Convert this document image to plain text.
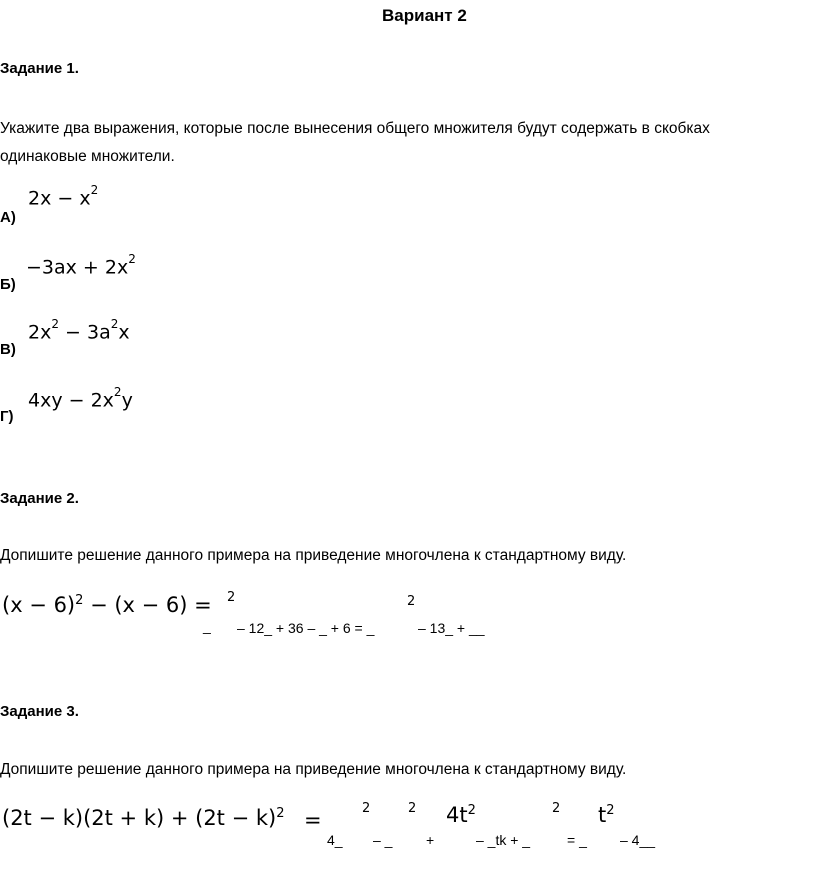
Вариант 2
Задание 1.
Укажите два выражения, которые после вынесения общего множителя будут содержать в скобках одинаковые множители.
$2x - x^2$
А)
$-3ax + 2x^2$
Б)
$2x^2 - 3a^2x$
В)
$4xy - 2x^2y$
Г)
Задание 2.
Допишите решение данного примера на приведение многочлена к стандартному виду.
$(x - 6)^2 - (x - 6) = 2$	2
_ – 12_ + 36 – _ + 6 = _	– 13_ + __
Задание 3.
Допишите решение данного примера на приведение многочлена к стандартному виду.
$(2t - k)(2t + k) + (2t - k)^2$ =	2	2 $4t^2$	2 $t^2$
4_ – _ +	– _tk + _	= _ – 4__
